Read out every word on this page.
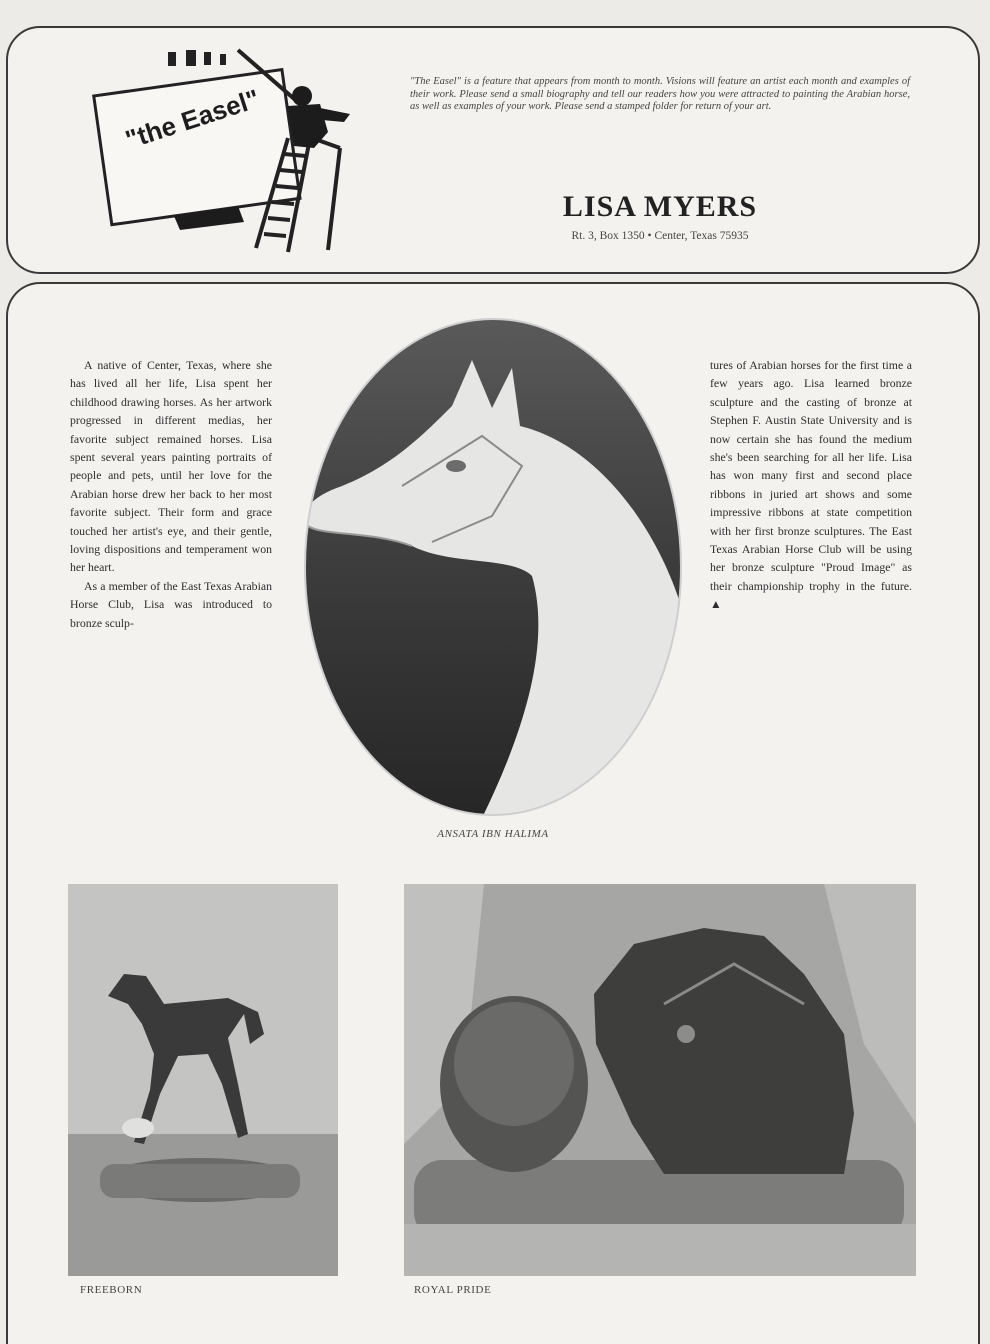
"the Easel"
"The Easel" is a feature that appears from month to month. Visions will feature an artist each month and examples of their work. Please send a small biography and tell our readers how you were attracted to painting the Arabian horse, as well as examples of your work. Please send a stamped folder for return of your art.
LISA MYERS
Rt. 3, Box 1350 • Center, Texas 75935

A native of Center, Texas, where she has lived all her life, Lisa spent her childhood drawing horses. As her artwork progressed in different medias, her favorite subject remained horses. Lisa spent several years painting portraits of people and pets, until her love for the Arabian horse drew her back to her most favorite subject. Their form and grace touched her artist's eye, and their gentle, loving dispositions and temperament won her heart.

As a member of the East Texas Arabian Horse Club, Lisa was introduced to bronze sculp-

tures of Arabian horses for the first time a few years ago. Lisa learned bronze sculpture and the casting of bronze at Stephen F. Austin State University and is now certain she has found the medium she's been searching for all her life. Lisa has won many first and second place ribbons in juried art shows and some impressive ribbons at state competition with her first bronze sculptures. The East Texas Arabian Horse Club will be using her bronze sculpture "Proud Image" as their championship trophy in the future. ▲

ANSATA IBN HALIMA
FREEBORN	ROYAL PRIDE
